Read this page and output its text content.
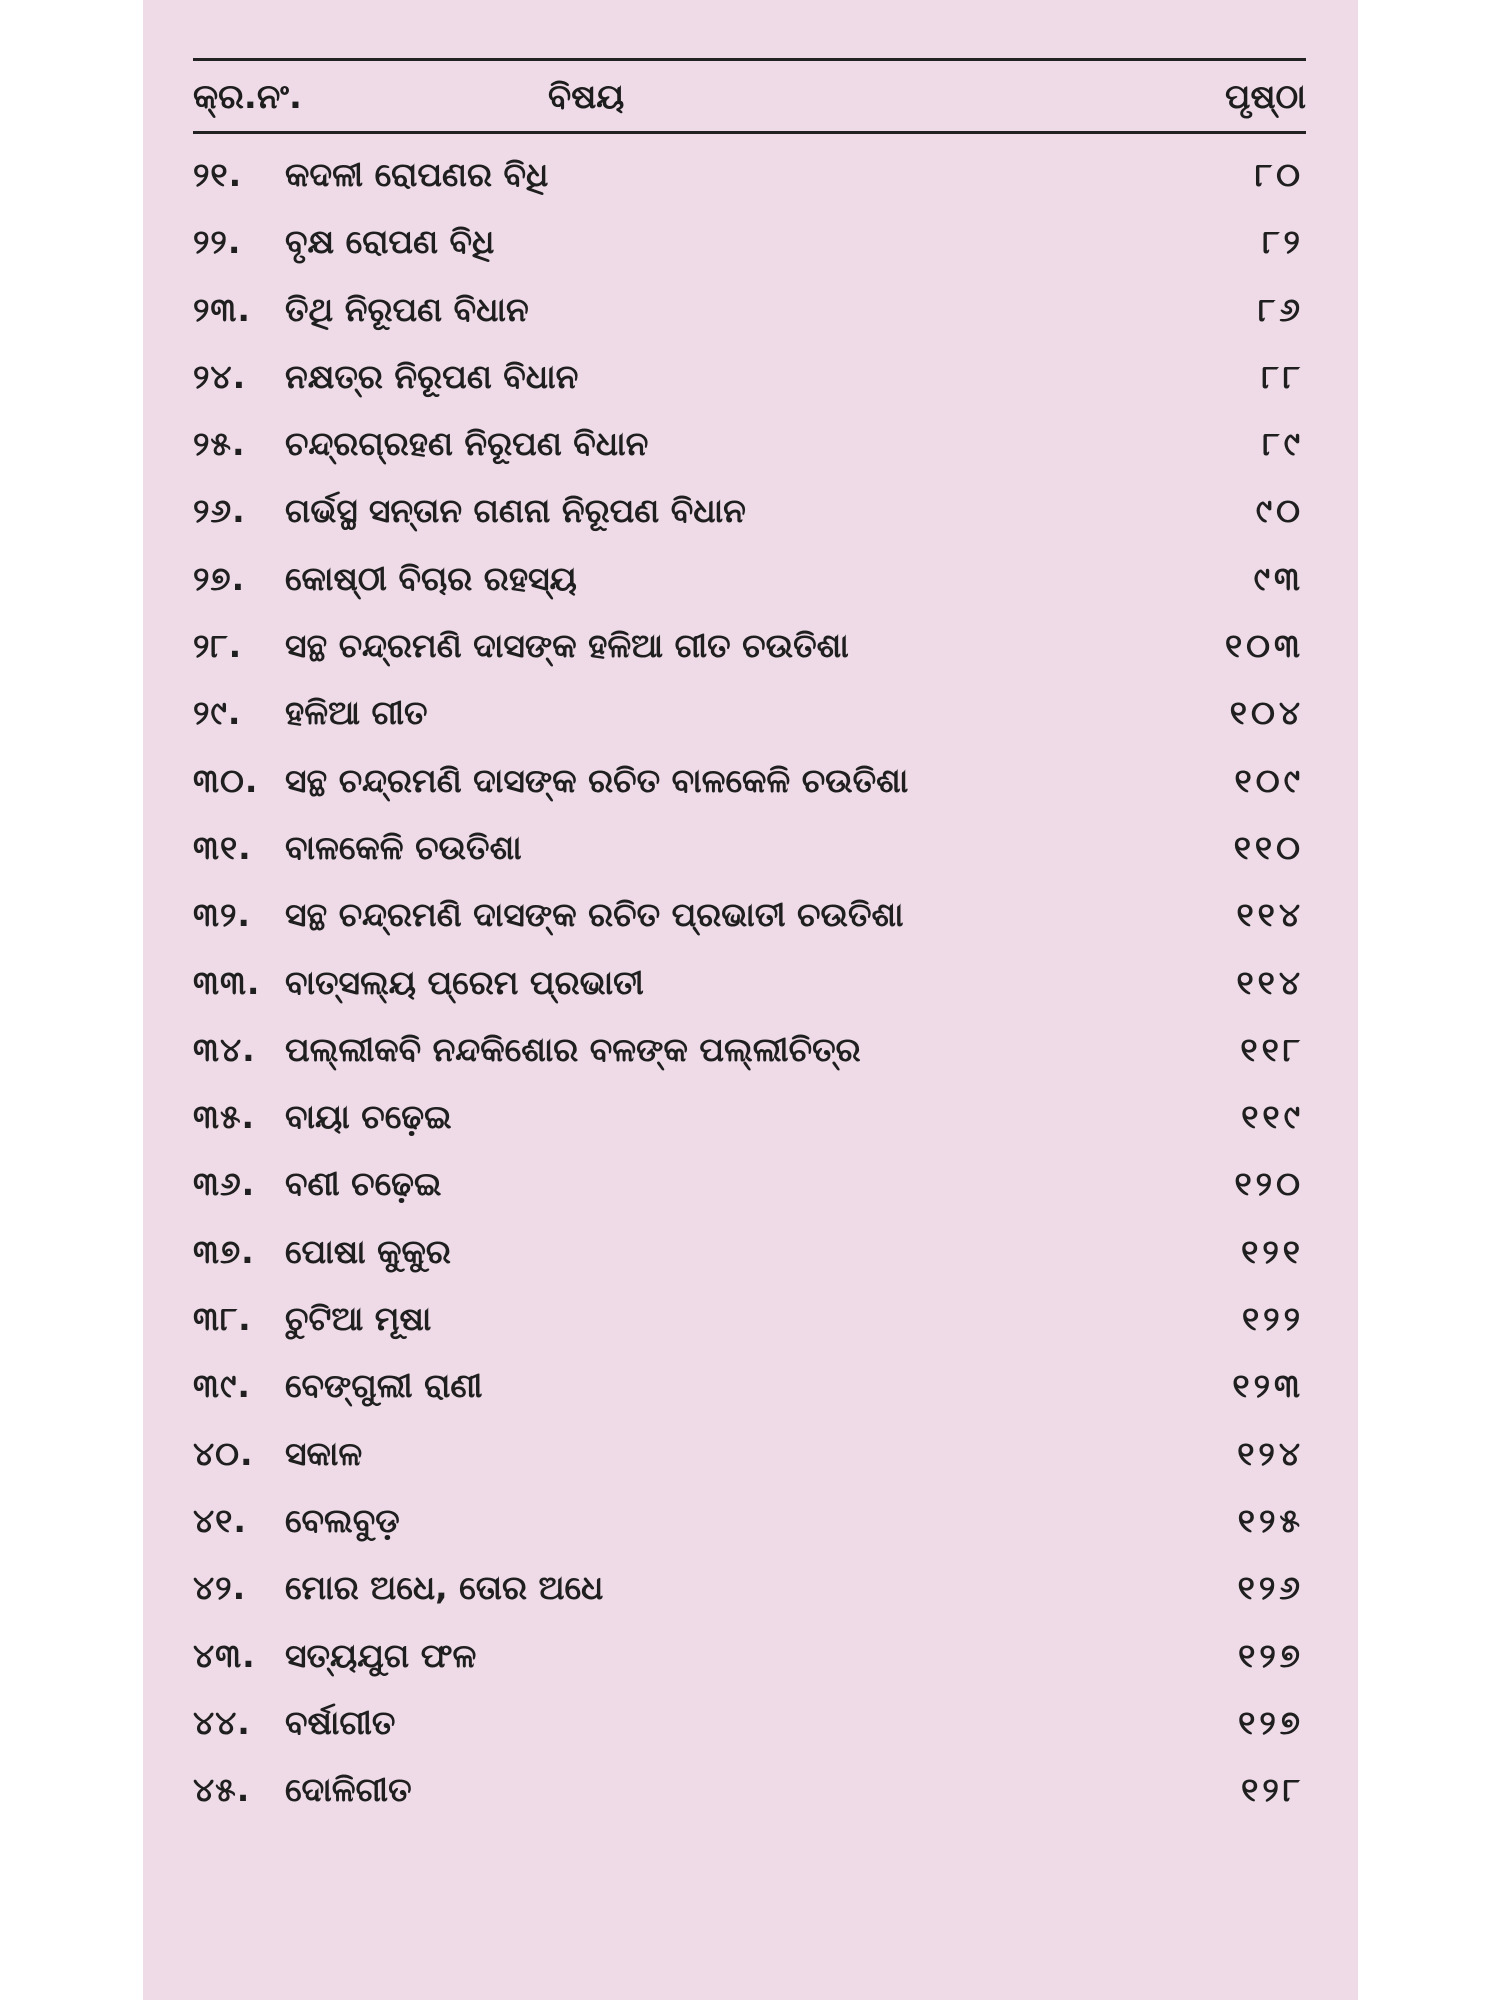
କ୍ର.ନଂ.	ବିଷୟ	ପୃଷ୍ଠା
୨୧. କଦଳୀ ରୋପଣର ବିଧି	୮୦
୨୨. ବୃକ୍ଷ ରୋପଣ ବିଧି	୮୨
୨୩. ତିଥି ନିରୂପଣ ବିଧାନ	୮୬
୨୪. ନକ୍ଷତ୍ର ନିରୂପଣ ବିଧାନ	୮୮
୨୫. ଚନ୍ଦ୍ରଗ୍ରହଣ ନିରୂପଣ ବିଧାନ	୮୯
୨୬. ଗର୍ଭସ୍ଥ ସନ୍ତାନ ଗଣନା ନିରୂପଣ ବିଧାନ	୯୦
୨୭. କୋଷ୍ଠୀ ବିଚାର ରହସ୍ୟ	୯୩
୨୮. ସନ୍ଥ ଚନ୍ଦ୍ରମଣି ଦାସଙ୍କ ହଳିଆ ଗୀତ ଚଉତିଶା	୧୦୩
୨୯. ହଳିଆ ଗୀତ	୧୦୪
୩୦. ସନ୍ଥ ଚନ୍ଦ୍ରମଣି ଦାସଙ୍କ ରଚିତ ବାଳକେଳି ଚଉତିଶା	୧୦୯
୩୧. ବାଳକେଳି ଚଉତିଶା	୧୧୦
୩୨. ସନ୍ଥ ଚନ୍ଦ୍ରମଣି ଦାସଙ୍କ ରଚିତ ପ୍ରଭାତୀ ଚଉତିଶା	୧୧୪
୩୩. ବାତ୍ସଲ୍ୟ ପ୍ରେମ ପ୍ରଭାତୀ	୧୧୪
୩୪. ପଲ୍ଲୀକବି ନନ୍ଦକିଶୋର ବଳଙ୍କ ପଲ୍ଲୀଚିତ୍ର	୧୧୮
୩୫. ବାୟା ଚଢ଼େଇ	୧୧୯
୩୬. ବଣୀ ଚଢ଼େଇ	୧୨୦
୩୭. ପୋଷା କୁକୁର	୧୨୧
୩୮. ଚୁଟିଆ ମୂଷା	୧୨୨
୩୯. ବେଙ୍ଗୁଲୀ ରାଣୀ	୧୨୩
୪୦. ସକାଳ	୧୨୪
୪୧. ବେଲବୁଡ଼	୧୨୫
୪୨. ମୋର ଅଧେ, ତୋର ଅଧେ	୧୨୬
୪୩. ସତ୍ୟଯୁଗ ଫଳ	୧୨୭
୪୪. ବର୍ଷାଗୀତ	୧୨୭
୪୫. ଦୋଳିଗୀତ	୧୨୮
